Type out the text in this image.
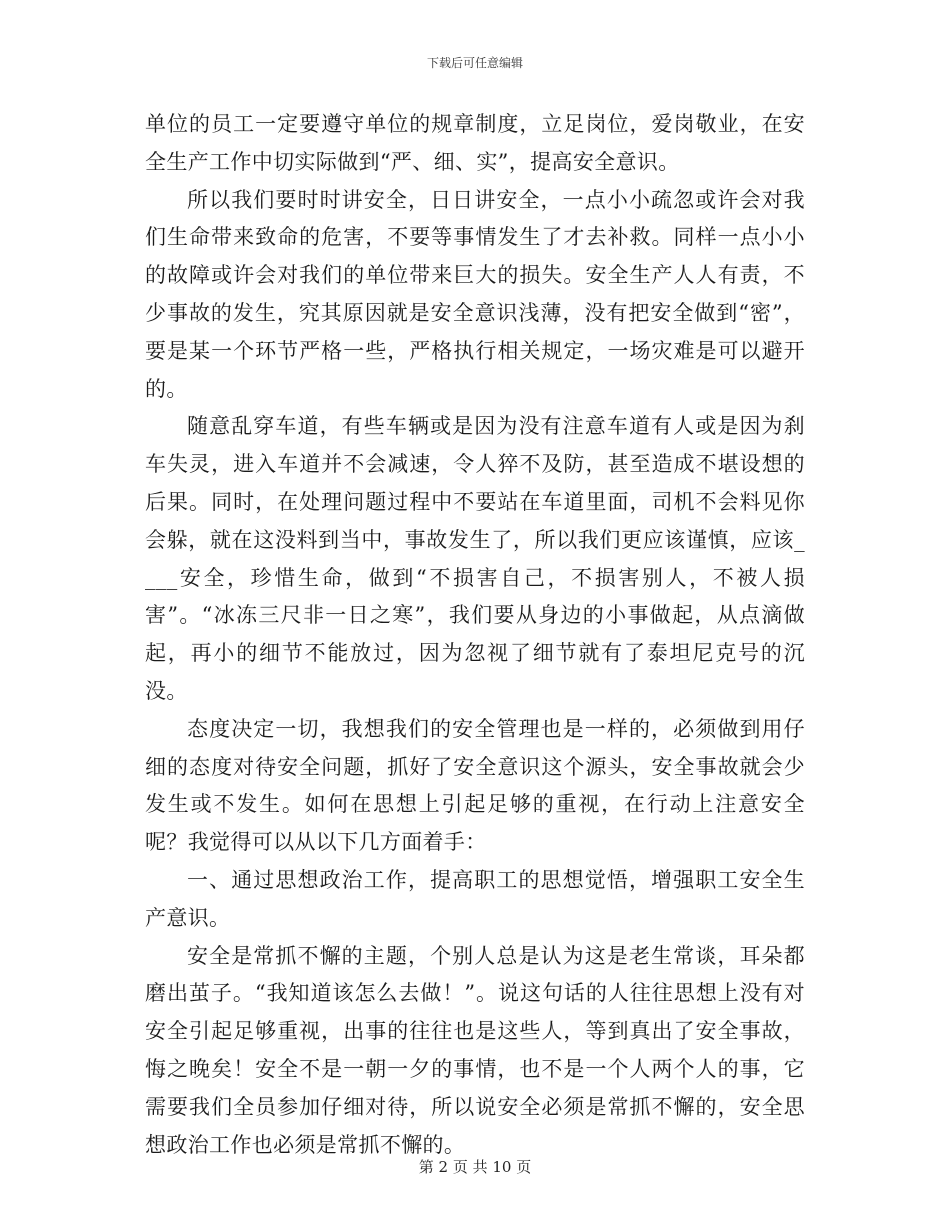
下载后可任意编辑

单位的员工一定要遵守单位的规章制度，立足岗位，爱岗敬业，在安全生产工作中切实际做到“严、细、实”，提高安全意识。

所以我们要时时讲安全，日日讲安全，一点小小疏忽或许会对我们生命带来致命的危害，不要等事情发生了才去补救。同样一点小小的故障或许会对我们的单位带来巨大的损失。安全生产人人有责，不少事故的发生，究其原因就是安全意识浅薄，没有把安全做到“密”，要是某一个环节严格一些，严格执行相关规定，一场灾难是可以避开的。

随意乱穿车道，有些车辆或是因为没有注意车道有人或是因为刹车失灵，进入车道并不会减速，令人猝不及防，甚至造成不堪设想的后果。同时，在处理问题过程中不要站在车道里面，司机不会料见你会躲，就在这没料到当中，事故发生了，所以我们更应该谨慎，应该____安全，珍惜生命，做到“不损害自己，不损害别人，不被人损害”。“冰冻三尺非一日之寒”，我们要从身边的小事做起，从点滴做起，再小的细节不能放过，因为忽视了细节就有了泰坦尼克号的沉没。

态度决定一切，我想我们的安全管理也是一样的，必须做到用仔细的态度对待安全问题，抓好了安全意识这个源头，安全事故就会少发生或不发生。如何在思想上引起足够的重视，在行动上注意安全呢？我觉得可以从以下几方面着手：

一、通过思想政治工作，提高职工的思想觉悟，增强职工安全生产意识。

安全是常抓不懈的主题，个别人总是认为这是老生常谈，耳朵都磨出茧子。“我知道该怎么去做！”。说这句话的人往往思想上没有对安全引起足够重视，出事的往往也是这些人，等到真出了安全事故，悔之晚矣！安全不是一朝一夕的事情，也不是一个人两个人的事，它需要我们全员参加仔细对待，所以说安全必须是常抓不懈的，安全思想政治工作也必须是常抓不懈的。

第 2 页 共 10 页
